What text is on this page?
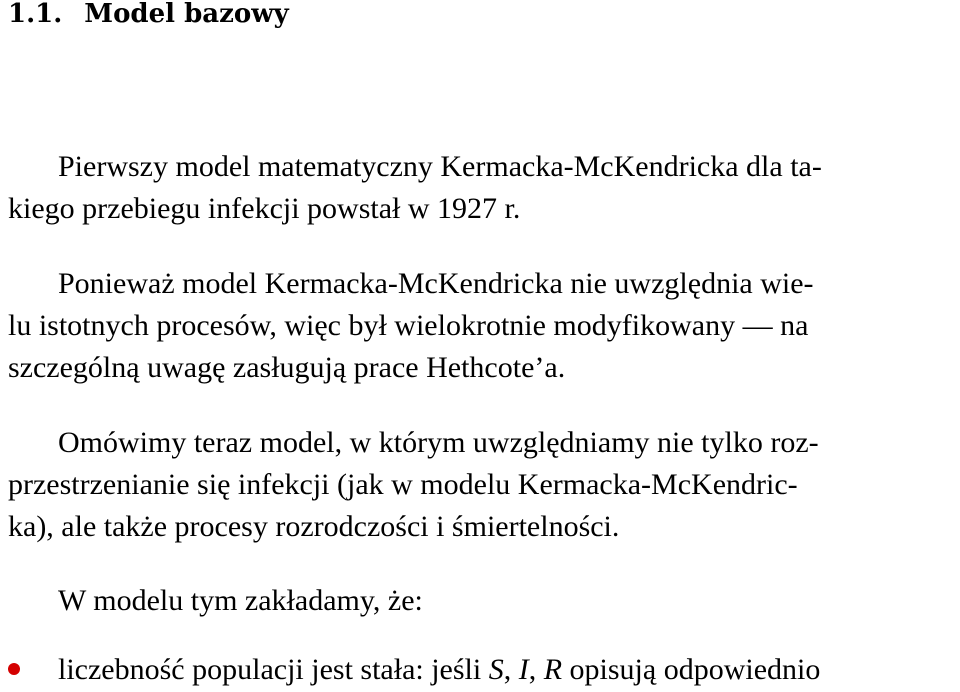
1.1. Model bazowy

Pierwszy model matematyczny Kermacka-McKendricka dla ta-

kiego przebiegu infekcji powstał w 1927 r.

Ponieważ model Kermacka-McKendricka nie uwzględnia wie-

lu istotnych procesów, więc był wielokrotnie modyfikowany — na

szczególną uwagę zasługują prace Hethcote’a.

Omówimy teraz model, w którym uwzględniamy nie tylko roz-

przestrzenianie się infekcji (jak w modelu Kermacka-McKendric-

ka), ale także procesy rozrodczości i śmiertelności.

W modelu tym zakładamy, że:

liczebność populacji jest stała: jeśli S, I, R opisują odpowiednio
